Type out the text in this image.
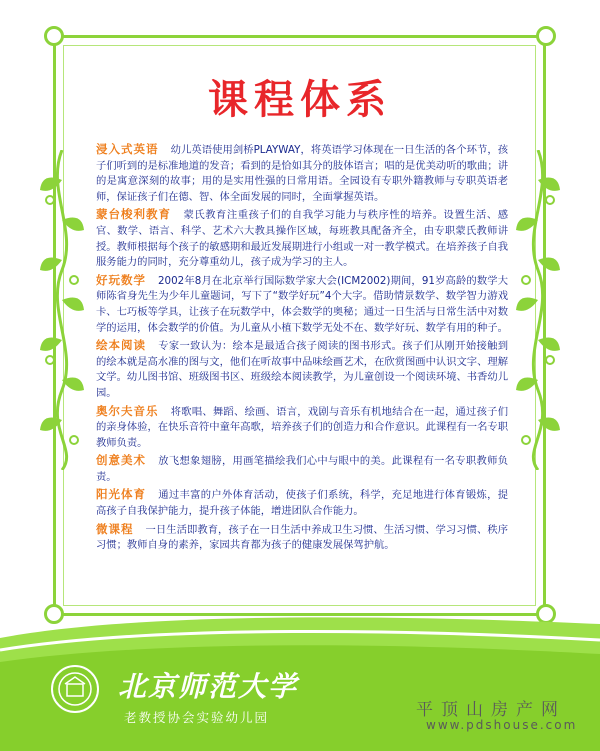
课程体系

浸入式英语 幼儿英语使用剑桥PLAYWAY，将英语学习体现在一日生活的各个环节，孩子们听到的是标准地道的发音；看到的是恰如其分的肢体语言；唱的是优美动听的歌曲；讲的是寓意深刻的故事；用的是实用性强的日常用语。全园设有专职外籍教师与专职英语老师，保证孩子们在德、智、体全面发展的同时，全面掌握英语。

蒙台梭利教育 蒙氏教育注重孩子们的自我学习能力与秩序性的培养。设置生活、感官、数学、语言、科学、艺术六大教具操作区域，每班教具配备齐全，由专职蒙氏教师讲授。教师根据每个孩子的敏感期和最近发展期进行小组或一对一教学模式。在培养孩子自我服务能力的同时，充分尊重幼儿，孩子成为学习的主人。

好玩数学 2002年8月在北京举行国际数学家大会(ICM2002)期间，91岁高龄的数学大师陈省身先生为少年儿童题词，写下了“数学好玩”4个大字。借助情景数学、数学智力游戏卡、七巧板等学具，让孩子在玩数学中，体会数学的奥秘；通过一日生活与日常生活中对数学的运用，体会数学的价值。为儿童从小植下数学无处不在、数学好玩、数学有用的种子。

绘本阅读 专家一致认为：绘本是最适合孩子阅读的图书形式。孩子们从刚开始接触到的绘本就是高水准的图与文，他们在听故事中品味绘画艺术，在欣赏图画中认识文字、理解文学。幼儿图书馆、班级图书区、班级绘本阅读教学，为儿童创设一个阅读环境、书香幼儿园。

奥尔夫音乐 将歌唱、舞蹈、绘画、语言，戏剧与音乐有机地结合在一起，通过孩子们的亲身体验，在快乐音符中童年高歌，培养孩子们的创造力和合作意识。此课程有一名专职教师负责。

创意美术 放飞想象翅膀，用画笔描绘我们心中与眼中的美。此课程有一名专职教师负责。

阳光体育 通过丰富的户外体育活动，使孩子们系统，科学，充足地进行体育锻炼，提高孩子自我保护能力，提升孩子体能，增进团队合作能力。

微课程 一日生活即教育，孩子在一日生活中养成卫生习惯、生活习惯、学习习惯、秩序习惯；教师自身的素养，家园共育都为孩子的健康发展保驾护航。

北京师范大学
老教授协会实验幼儿园	平顶山房产网
www.pdshouse.com
